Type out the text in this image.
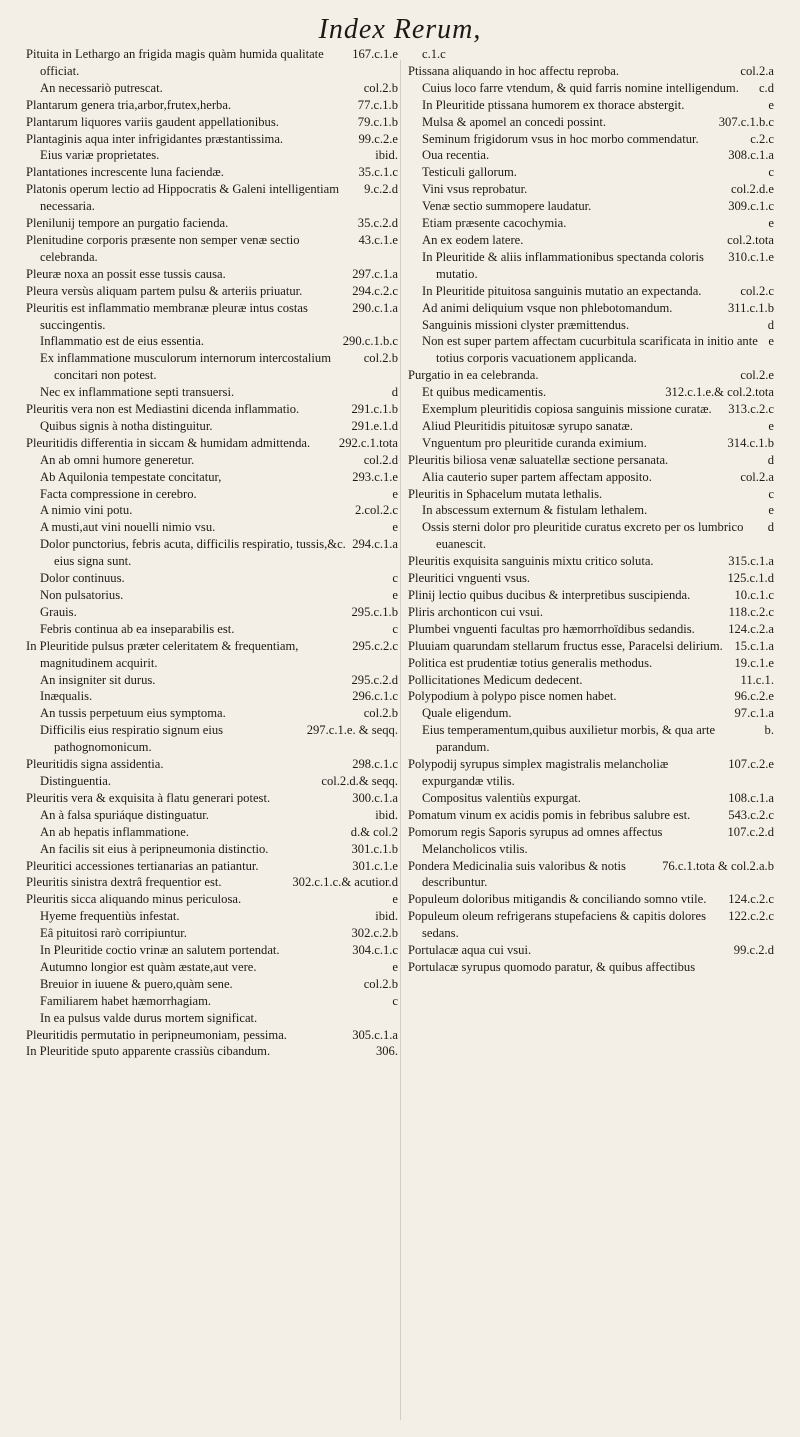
Index Rerum,
167.c.1.e
Pituita in Lethargo an frigida magis quàm humida qualitate officiat.
col.2.b
An necessariò putrescat.
77.c.1.b
Plantarum genera tria,arbor,frutex,herba.
79.c.1.b
Plantarum liquores variis gaudent appellationibus.
99.c.2.e
Plantaginis aqua inter infrigidantes præstantissima.
ibid.
Eius variæ proprietates.
35.c.1.c
Plantationes increscente luna faciendæ.
9.c.2.d
Platonis operum lectio ad Hippocratis & Galeni intelligentiam necessaria.
35.c.2.d
Plenilunij tempore an purgatio facienda.
43.c.1.e
Plenitudine corporis præsente non semper venæ sectio celebranda.
297.c.1.a
Pleuræ noxa an possit esse tussis causa.
294.c.2.c
Pleura versùs aliquam partem pulsu & arteriis priuatur.
290.c.1.a
Pleuritis est inflammatio membranæ pleuræ intus costas succingentis.
290.c.1.b.c
Inflammatio est de eius essentia.
col.2.b
Ex inflammatione musculorum internorum intercostalium concitari non potest.
d
Nec ex inflammatione septi transuersi.
291.c.1.b
Pleuritis vera non est Mediastini dicenda inflammatio.
291.e.1.d
Quibus signis à notha distinguitur.
292.c.1.tota
Pleuritidis differentia in siccam & humidam admittenda.
col.2.d
An ab omni humore generetur.
293.c.1.e
Ab Aquilonia tempestate concitatur,
e
Facta compressione in cerebro.
2.col.2.c
A nimio vini potu.
e
A musti,aut vini nouelli nimio vsu.
294.c.1.a
Dolor punctorius, febris acuta, difficilis respiratio, tussis,&c. eius signa sunt.
c
Dolor continuus.
e
Non pulsatorius.
295.c.1.b
Grauis.
c
Febris continua ab ea inseparabilis est.
295.c.2.c
In Pleuritide pulsus præter celeritatem & frequentiam, magnitudinem acquirit.
295.c.2.d
An insigniter sit durus.
296.c.1.c
Inæqualis.
col.2.b
An tussis perpetuum eius symptoma.
297.c.1.e. & seqq.
Difficilis eius respiratio signum eius pathognomonicum.
298.c.1.c
Pleuritidis signa assidentia.
col.2.d.& seqq.
Distinguentia.
300.c.1.a
Pleuritis vera & exquisita à flatu generari potest.
ibid.
An à falsa spuriáque distinguatur.
d.& col.2
An ab hepatis inflammatione.
301.c.1.b
An facilis sit eius à peripneumonia distinctio.
301.c.1.e
Pleuritici accessiones tertianarias an patiantur.
302.c.1.c.& acutior.d
Pleuritis sinistra dextrâ frequentior est.
e
Pleuritis sicca aliquando minus periculosa.
ibid.
Hyeme frequentiùs infestat.
302.c.2.b
Eâ pituitosi rarò corripiuntur.
304.c.1.c
In Pleuritide coctio vrinæ an salutem portendat.
e
Autumno longior est quàm æstate,aut vere.
col.2.b
Breuior in iuuene & puero,quàm sene.
c
Familiarem habet hæmorrhagiam.
In ea pulsus valde durus mortem significat.
305.c.1.a
Pleuritidis permutatio in peripneumoniam, pessima.
306.
In Pleuritide sputo apparente crassiùs cibandum.
c.1.c
col.2.a
Ptissana aliquando in hoc affectu reproba.
c.d
Cuius loco farre vtendum, & quid farris nomine intelligendum.
e
In Pleuritide ptissana humorem ex thorace abstergit.
307.c.1.b.c
Mulsa & apomel an concedi possint.
c.2.c
Seminum frigidorum vsus in hoc morbo commendatur.
308.c.1.a
Oua recentia.
c
Testiculi gallorum.
col.2.d.e
Vini vsus reprobatur.
309.c.1.c
Venæ sectio summopere laudatur.
e
Etiam præsente cacochymia.
col.2.tota
An ex eodem latere.
310.c.1.e
In Pleuritide & aliis inflammationibus spectanda coloris mutatio.
col.2.c
In Pleuritide pituitosa sanguinis mutatio an expectanda.
311.c.1.b
Ad animi deliquium vsque non phlebotomandum.
d
Sanguinis missioni clyster præmittendus.
e
Non est super partem affectam cucurbitula scarificata in initio ante totius corporis vacuationem applicanda.
col.2.e
Purgatio in ea celebranda.
312.c.1.e.& col.2.tota
Et quibus medicamentis.
313.c.2.c
Exemplum pleuritidis copiosa sanguinis missione curatæ.
e
Aliud Pleuritidis pituitosæ syrupo sanatæ.
314.c.1.b
Vnguentum pro pleuritide curanda eximium.
d
Pleuritis biliosa venæ saluatellæ sectione persanata.
col.2.a
Alia cauterio super partem affectam apposito.
c
Pleuritis in Sphacelum mutata lethalis.
e
In abscessum externum & fistulam lethalem.
d
Ossis sterni dolor pro pleuritide curatus excreto per os lumbrico euanescit.
315.c.1.a
Pleuritis exquisita sanguinis mixtu critico soluta.
125.c.1.d
Pleuritici vnguenti vsus.
10.c.1.c
Plinij lectio quibus ducibus & interpretibus suscipienda.
118.c.2.c
Pliris archonticon cui vsui.
124.c.2.a
Plumbei vnguenti facultas pro hæmorrhoïdibus sedandis.
15.c.1.a
Pluuiam quarundam stellarum fructus esse, Paracelsi delirium.
19.c.1.e
Politica est prudentiæ totius generalis methodus.
11.c.1.
Pollicitationes Medicum dedecent.
96.c.2.e
Polypodium à polypo pisce nomen habet.
97.c.1.a
Quale eligendum.
b.
Eius temperamentum,quibus auxilietur morbis, & qua arte parandum.
107.c.2.e
Polypodij syrupus simplex magistralis melancholiæ expurgandæ vtilis.
108.c.1.a
Compositus valentiùs expurgat.
543.c.2.c
Pomatum vinum ex acidis pomis in febribus salubre est.
107.c.2.d
Pomorum regis Saporis syrupus ad omnes affectus Melancholicos vtilis.
76.c.1.tota & col.2.a.b
Pondera Medicinalia suis valoribus & notis describuntur.
124.c.2.c
Populeum doloribus mitigandis & conciliando somno vtile.
122.c.2.c
Populeum oleum refrigerans stupefaciens & capitis dolores sedans.
99.c.2.d
Portulacæ aqua cui vsui.
Portulacæ syrupus quomodo paratur, & quibus affectibus
